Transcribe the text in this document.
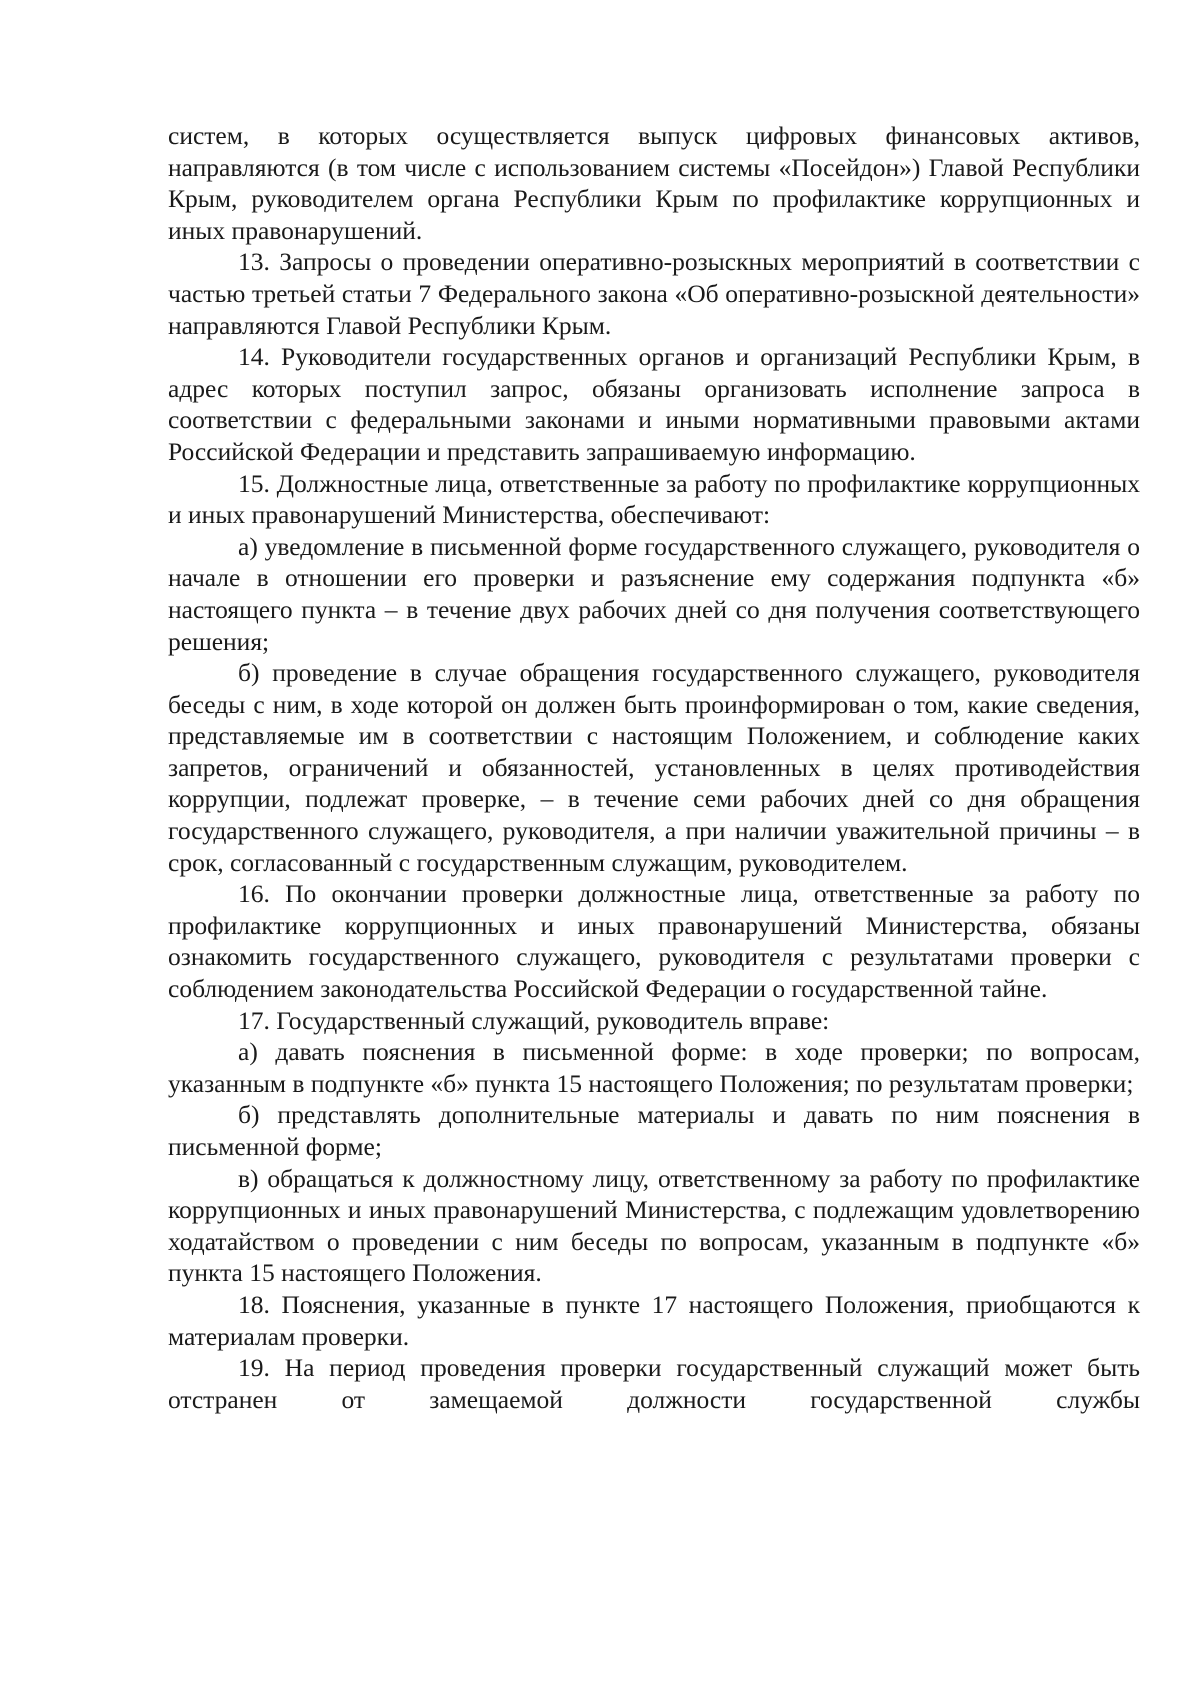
систем, в которых осуществляется выпуск цифровых финансовых активов, направляются (в том числе с использованием системы «Посейдон») Главой Республики Крым, руководителем органа Республики Крым по профилактике коррупционных и иных правонарушений.

13. Запросы о проведении оперативно-розыскных мероприятий в соответствии с частью третьей статьи 7 Федерального закона «Об оперативно-розыскной деятельности» направляются Главой Республики Крым.

14. Руководители государственных органов и организаций Республики Крым, в адрес которых поступил запрос, обязаны организовать исполнение запроса в соответствии с федеральными законами и иными нормативными правовыми актами Российской Федерации и представить запрашиваемую информацию.

15. Должностные лица, ответственные за работу по профилактике коррупционных и иных правонарушений Министерства, обеспечивают:

а) уведомление в письменной форме государственного служащего, руководителя о начале в отношении его проверки и разъяснение ему содержания подпункта «б» настоящего пункта – в течение двух рабочих дней со дня получения соответствующего решения;

б) проведение в случае обращения государственного служащего, руководителя беседы с ним, в ходе которой он должен быть проинформирован о том, какие сведения, представляемые им в соответствии с настоящим Положением, и соблюдение каких запретов, ограничений и обязанностей, установленных в целях противодействия коррупции, подлежат проверке, – в течение семи рабочих дней со дня обращения государственного служащего, руководителя, а при наличии уважительной причины – в срок, согласованный с государственным служащим, руководителем.

16. По окончании проверки должностные лица, ответственные за работу по профилактике коррупционных и иных правонарушений Министерства, обязаны ознакомить государственного служащего, руководителя с результатами проверки с соблюдением законодательства Российской Федерации о государственной тайне.

17. Государственный служащий, руководитель вправе:

а) давать пояснения в письменной форме: в ходе проверки; по вопросам, указанным в подпункте «б» пункта 15 настоящего Положения; по результатам проверки;

б) представлять дополнительные материалы и давать по ним пояснения в письменной форме;

в) обращаться к должностному лицу, ответственному за работу по профилактике коррупционных и иных правонарушений Министерства, с подлежащим удовлетворению ходатайством о проведении с ним беседы по вопросам, указанным в подпункте «б» пункта 15 настоящего Положения.

18. Пояснения, указанные в пункте 17 настоящего Положения, приобщаются к материалам проверки.

19. На период проведения проверки государственный служащий может быть отстранен от замещаемой должности государственной службы
